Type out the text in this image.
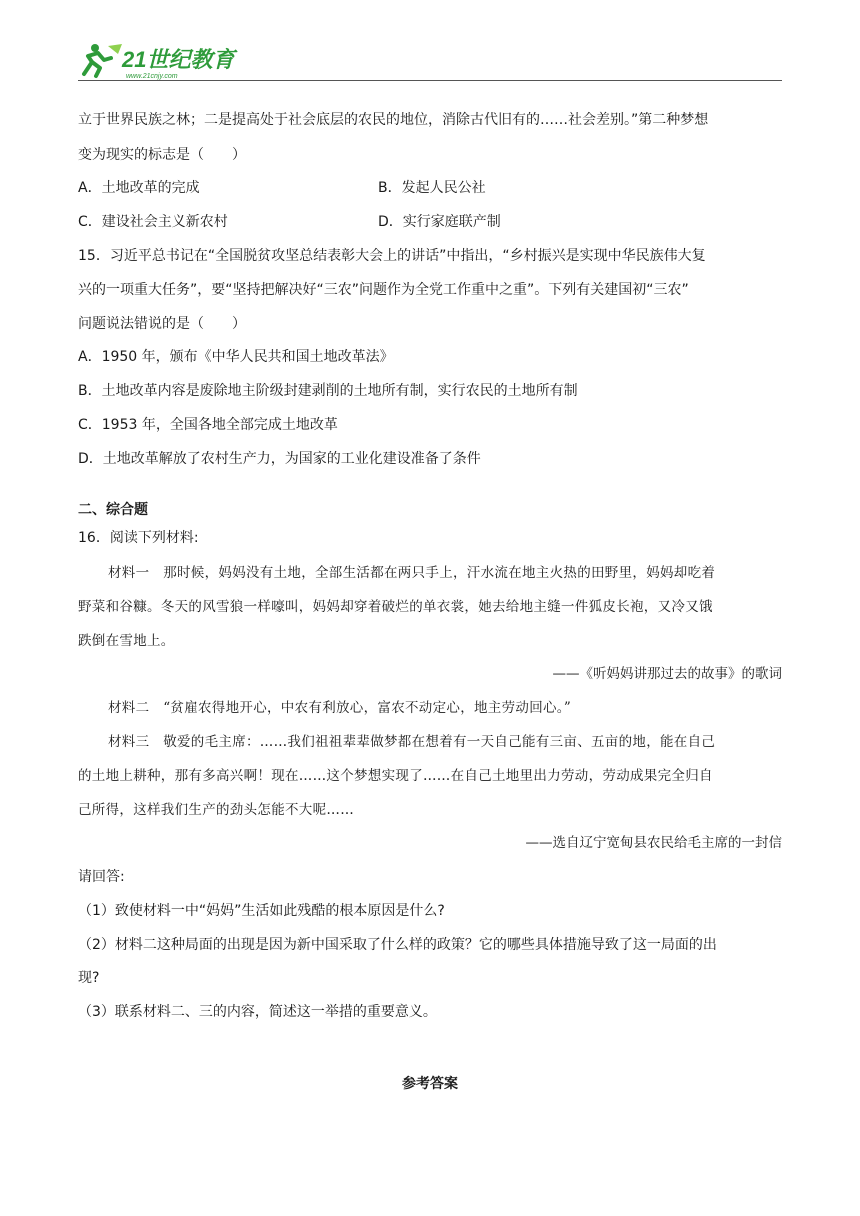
21世纪教育
www.21cnjy.com
立于世界民族之林；二是提高处于社会底层的农民的地位，消除古代旧有的……社会差别。”第二种梦想
变为现实的标志是（　　）
A．土地改革的完成	B．发起人民公社
C．建设社会主义新农村	D．实行家庭联产制
15．习近平总书记在“全国脱贫攻坚总结表彰大会上的讲话”中指出，“乡村振兴是实现中华民族伟大复
兴的一项重大任务”，要“坚持把解决好“三农”问题作为全党工作重中之重”。下列有关建国初“三农”
问题说法错说的是（　　）
A．1950 年，颁布《中华人民共和国土地改革法》
B．土地改革内容是废除地主阶级封建剥削的土地所有制，实行农民的土地所有制
C．1953 年，全国各地全部完成土地改革
D．土地改革解放了农村生产力，为国家的工业化建设准备了条件
二、综合题
16．阅读下列材料:
材料一　那时候，妈妈没有土地，全部生活都在两只手上，汗水流在地主火热的田野里，妈妈却吃着
野菜和谷糠。冬天的风雪狼一样嚎叫，妈妈却穿着破烂的单衣裳，她去给地主缝一件狐皮长袍，又冷又饿
跌倒在雪地上。
——《听妈妈讲那过去的故事》的歌词
材料二　“贫雇农得地开心，中农有利放心，富农不动定心，地主劳动回心。”
材料三　敬爱的毛主席：……我们祖祖辈辈做梦都在想着有一天自己能有三亩、五亩的地，能在自己
的土地上耕种，那有多高兴啊！现在……这个梦想实现了……在自己土地里出力劳动，劳动成果完全归自
己所得，这样我们生产的劲头怎能不大呢……
——选自辽宁宽甸县农民给毛主席的一封信
请回答:
（1）致使材料一中“妈妈”生活如此残酷的根本原因是什么?
（2）材料二这种局面的出现是因为新中国采取了什么样的政策？它的哪些具体措施导致了这一局面的出
现?
（3）联系材料二、三的内容，简述这一举措的重要意义。
参考答案
